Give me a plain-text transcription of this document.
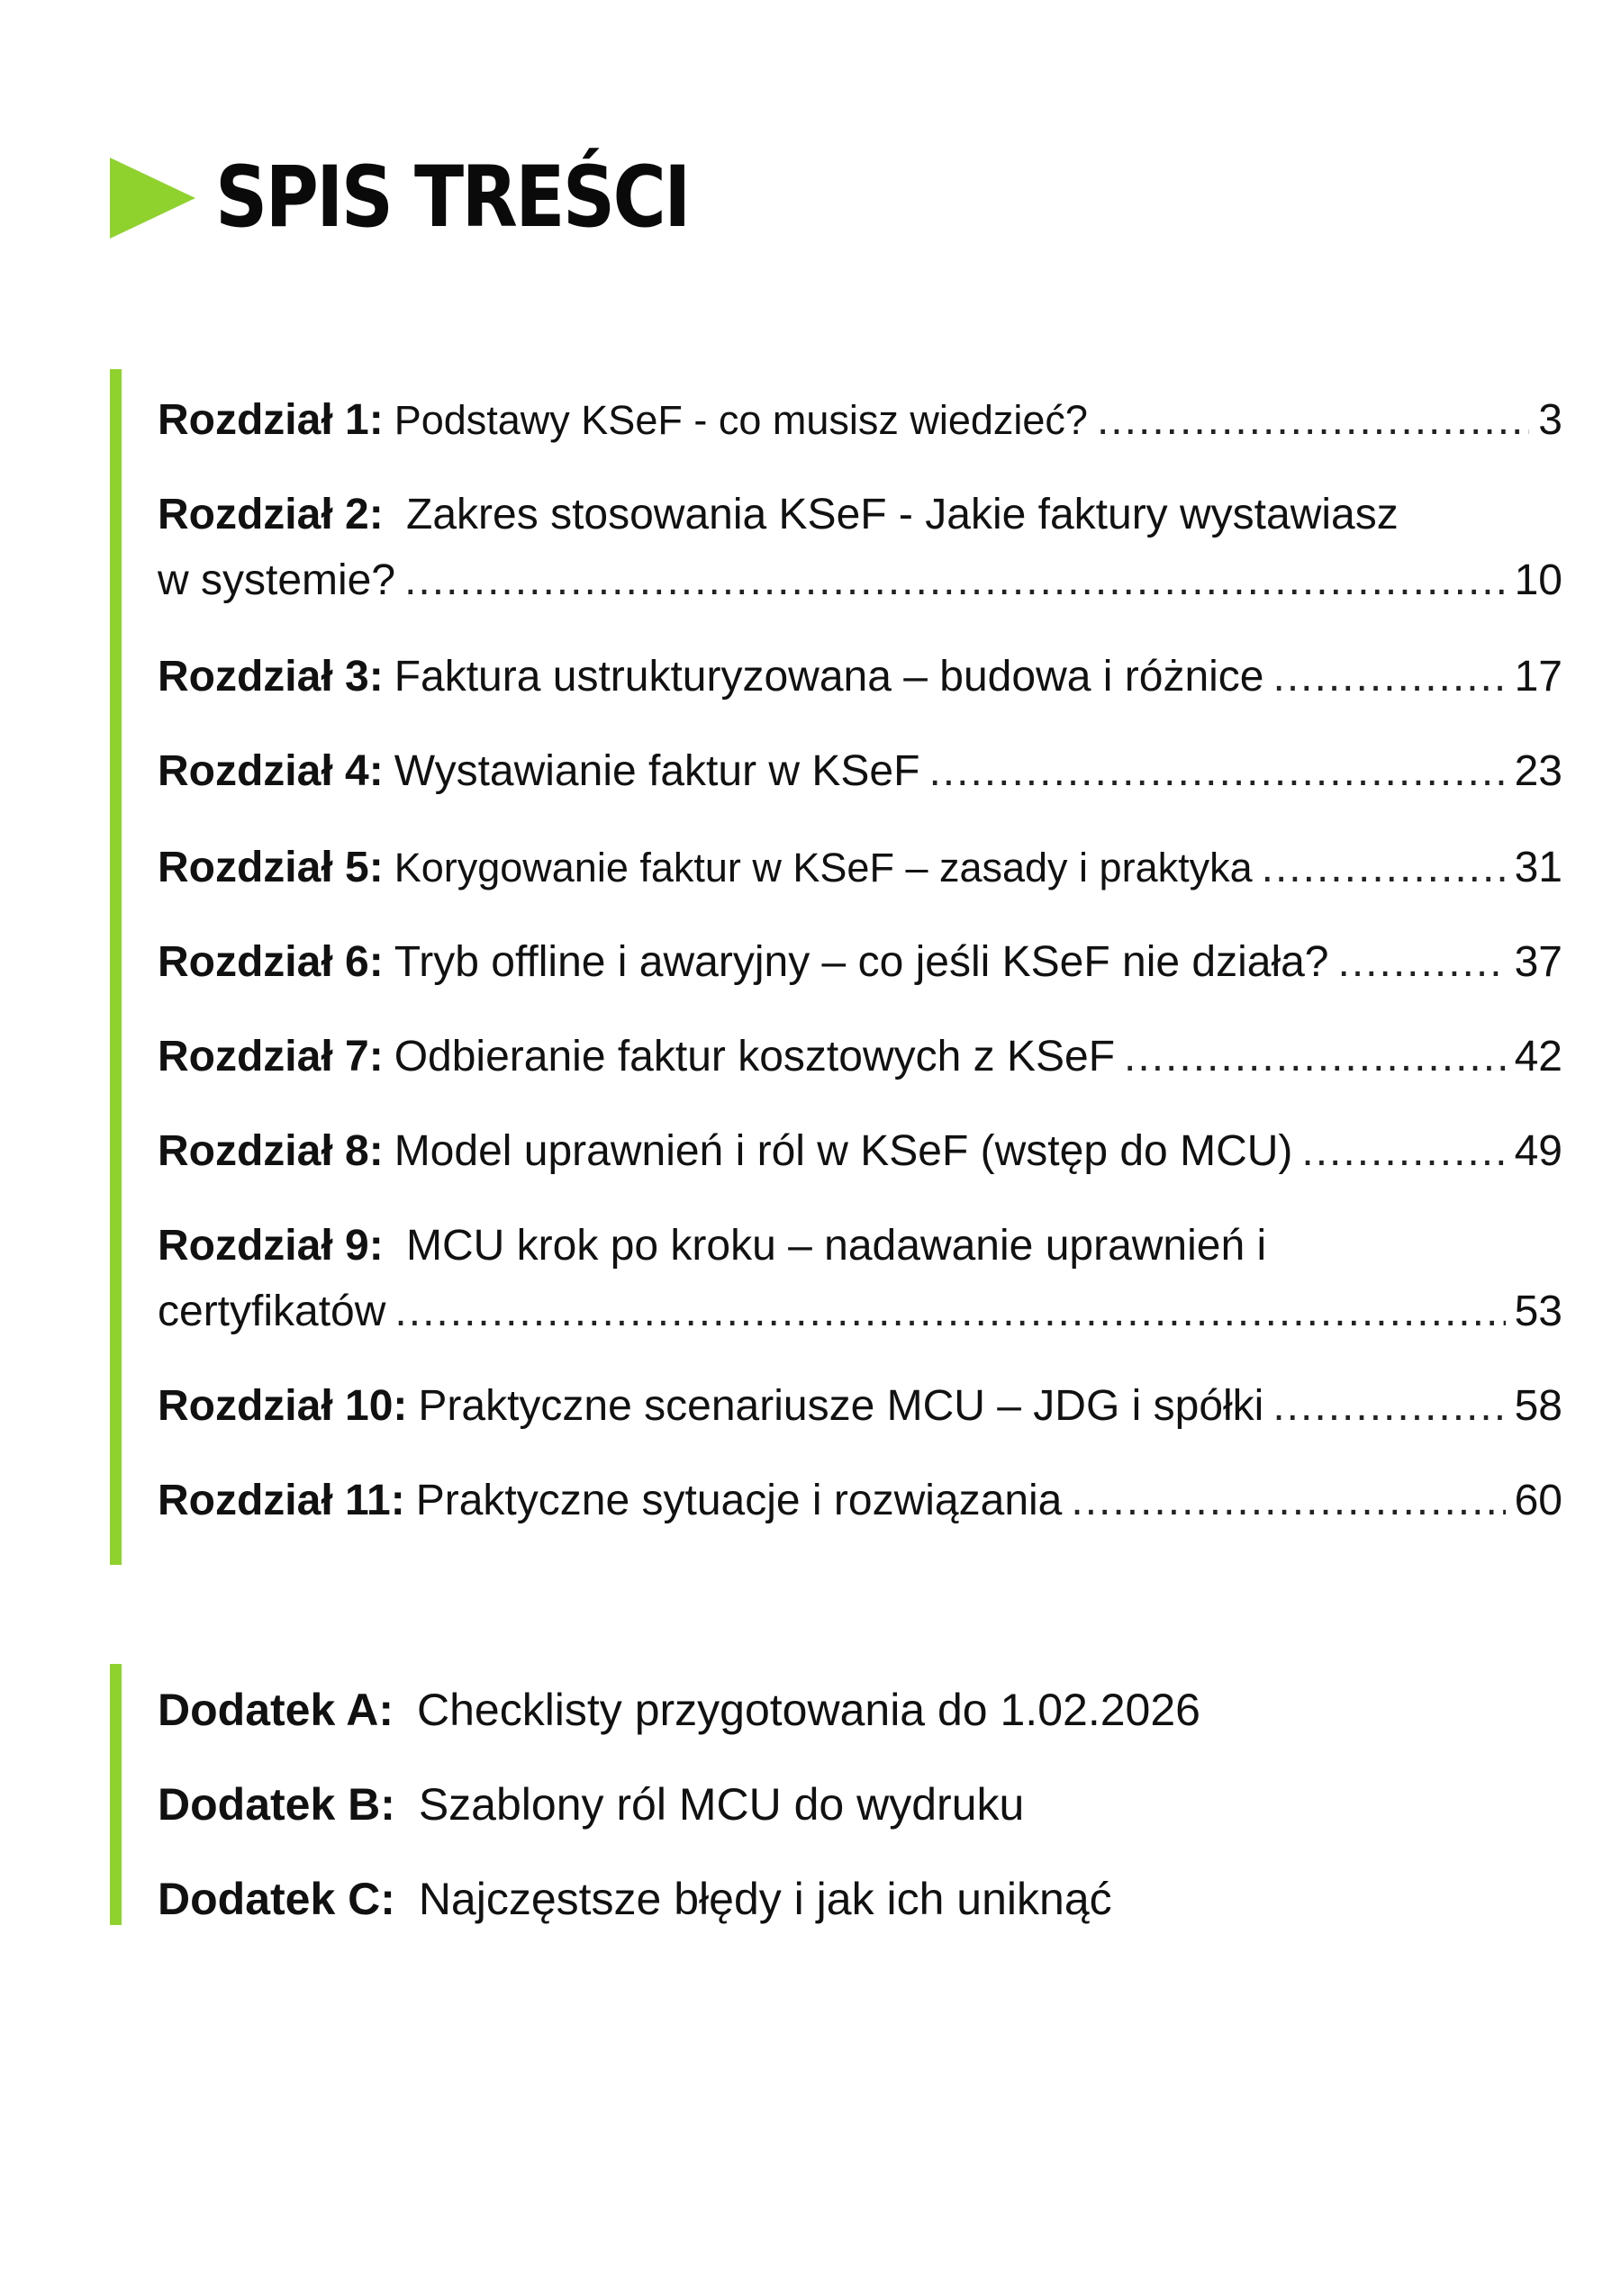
SPIS TREŚCI
Rozdział 1: Podstawy KSeF - co musisz wiedzieć? .....	3
Rozdział 2: Zakres stosowania KSeF - Jakie faktury wystawiasz
w systemie? .....	10
Rozdział 3: Faktura ustrukturyzowana – budowa i różnice .....	17
Rozdział 4: Wystawianie faktur w KSeF .....	23
Rozdział 5: Korygowanie faktur w KSeF – zasady i praktyka .....	31
Rozdział 6: Tryb offline i awaryjny – co jeśli KSeF nie działa? .....	37
Rozdział 7: Odbieranie faktur kosztowych z KSeF .....	42
Rozdział 8: Model uprawnień i ról w KSeF (wstęp do MCU) .....	49
Rozdział 9: MCU krok po kroku – nadawanie uprawnień i
certyfikatów .....	53
Rozdział 10: Praktyczne scenariusze MCU – JDG i spółki .....	58
Rozdział 11: Praktyczne sytuacje i rozwiązania .....	60
Dodatek A: Checklisty przygotowania do 1.02.2026
Dodatek B: Szablony ról MCU do wydruku
Dodatek C: Najczęstsze błędy i jak ich uniknąć
